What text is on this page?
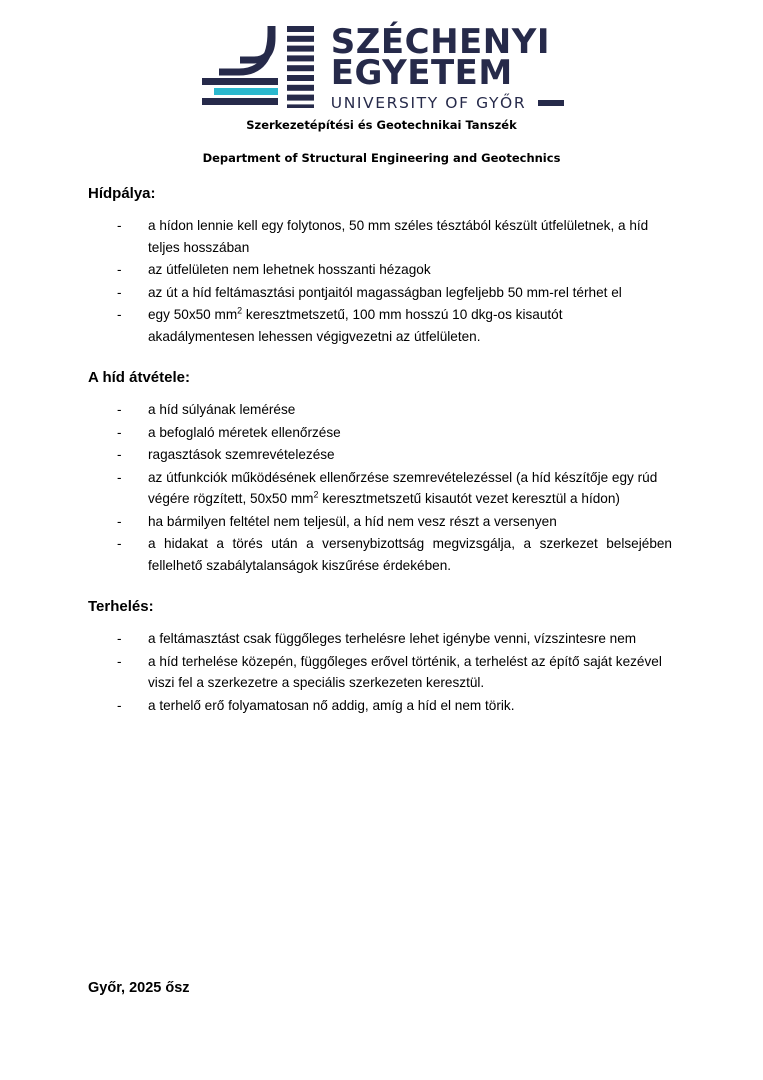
SZÉCHENYI
EGYETEM
UNIVERSITY OF GYŐR
Szerkezetépítési és Geotechnikai Tanszék
Department of Structural Engineering and Geotechnics
Hídpálya:
- a hídon lennie kell egy folytonos, 50 mm széles tésztából készült útfelületnek, a híd teljes hosszában
- az útfelületen nem lehetnek hosszanti hézagok
- az út a híd feltámasztási pontjaitól magasságban legfeljebb 50 mm-rel térhet el
- egy 50x50 $mm^2$ keresztmetszetű, 100 mm hosszú 10 dkg-os kisautót akadálymentesen lehessen végigvezetni az útfelületen.
A híd átvétele:
- a híd súlyának lemérése
- a befoglaló méretek ellenőrzése
- ragasztások szemrevételezése
- az útfunkciók működésének ellenőrzése szemrevételezéssel (a híd készítője egy rúd végére rögzített, 50x50 $mm^2$ keresztmetszetű kisautót vezet keresztül a hídon)
- ha bármilyen feltétel nem teljesül, a híd nem vesz részt a versenyen
- a hidakat a törés után a versenybizottság megvizsgálja, a szerkezet belsejében fellelhető szabálytalanságok kiszűrése érdekében.
Terhelés:
- a feltámasztást csak függőleges terhelésre lehet igénybe venni, vízszintesre nem
- a híd terhelése közepén, függőleges erővel történik, a terhelést az építő saját kezével viszi fel a szerkezetre a speciális szerkezeten keresztül.
- a terhelő erő folyamatosan nő addig, amíg a híd el nem törik.
Győr, 2025 ősz
